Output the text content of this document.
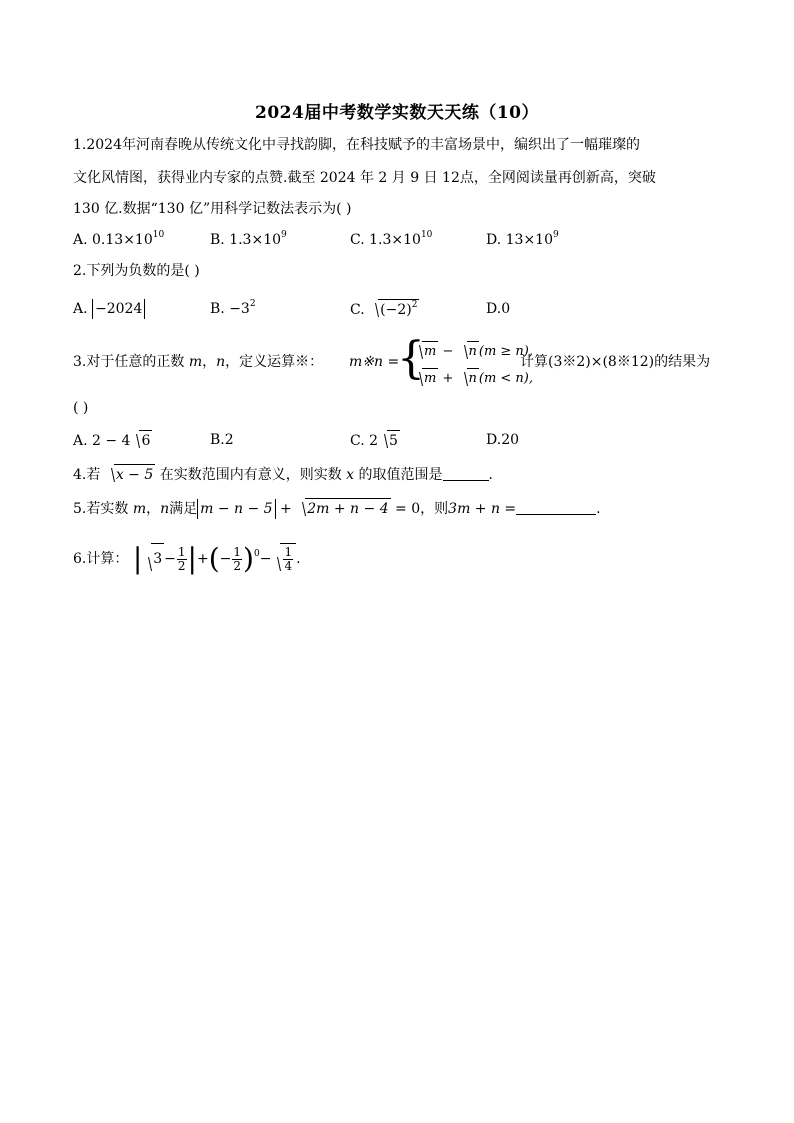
2024届中考数学实数天天练（10）
1.2024年河南春晚从传统文化中寻找韵脚，在科技赋予的丰富场景中，编织出了一幅璀璨的
文化风情图，获得业内专家的点赞.截至 2024 年 2 月 9 日 12点，全网阅读量再创新高，突破
130 亿.数据“130 亿”用科学记数法表示为( )
A. $0.13\times 10^{10}$	B. $1.3\times 10^9$	C. $1.3\times 10^{10}$	D. $13\times 10^9$
2.下列为负数的是( )
A. −2024	B. $-3^2$	C. $(-2)^2$	D.0
3.对于任意的正数 m，n，定义运算※： m※n =
{ m − n (m ≥ n),
m + n (m < n),
计算(3※2)×(8※12)的结果为
( )
A. 2 − 4 6	B.2	C. 2 5	D.20
4.若 x − 5 在实数范围内有意义，则实数 x 的取值范围是	.
5.若实数 m，n满足 m − n − 5 + 2m + n − 4 = 0，则3m + n =	.
6.计算： | $3 - \frac{1}{2}$ |+(− $\frac{1}{2} )^0- \frac{1}{4}$ .
